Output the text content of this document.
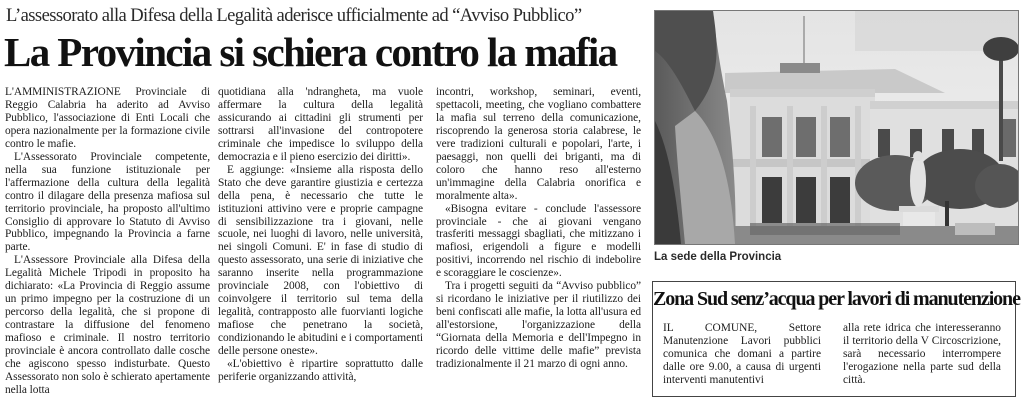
L’assessorato alla Difesa della Legalità aderisce ufficialmente ad “Avviso Pubblico”
La Provincia si schiera contro la mafia

L'AMMINISTRAZIONE Provinciale di Reggio Calabria ha aderito ad Avviso Pubblico, l'associazione di Enti Locali che opera nazionalmente per la formazione civile contro le mafie.

L'Assessorato Provinciale competente, nella sua funzione istituzionale per l'affermazione della cultura della legalità contro il dilagare della presenza mafiosa sul territorio provinciale, ha proposto all'ultimo Consiglio di approvare lo Statuto di Avviso Pubblico, impegnando la Provincia a farne parte.

L'Assessore Provinciale alla Difesa della Legalità Michele Tripodi in proposito ha dichiarato: «La Provincia di Reggio assume un primo impegno per la costruzione di un percorso della legalità, che si propone di contrastare la diffusione del fenomeno mafioso e criminale. Il nostro territorio provinciale è ancora controllato dalle cosche che agiscono spesso indisturbate. Questo Assessorato non solo è schierato apertamente nella lotta

quotidiana alla 'ndrangheta, ma vuole affermare la cultura della legalità assicurando ai cittadini gli strumenti per sottrarsi all'invasione del contropotere criminale che impedisce lo sviluppo della democrazia e il pieno esercizio dei diritti».

E aggiunge: «Insieme alla risposta dello Stato che deve garantire giustizia e certezza della pena, è necessario che tutte le istituzioni attivino vere e proprie campagne di sensibilizzazione tra i giovani, nelle scuole, nei luoghi di lavoro, nelle università, nei singoli Comuni. E' in fase di studio di questo assessorato, una serie di iniziative che saranno inserite nella programmazione provinciale 2008, con l'obiettivo di coinvolgere il territorio sul tema della legalità, contrapposto alle fuorvianti logiche mafiose che penetrano la società, condizionando le abitudini e i comportamenti delle persone oneste».

«L'obiettivo è ripartire soprattutto dalle periferie organizzando attività,

incontri, workshop, seminari, eventi, spettacoli, meeting, che vogliano combattere la mafia sul terreno della comunicazione, riscoprendo la generosa storia calabrese, le vere tradizioni culturali e popolari, l'arte, i paesaggi, non quelli dei briganti, ma di coloro che hanno reso all'esterno un'immagine della Calabria onorifica e moralmente alta».

«Bisogna evitare - conclude l'assessore provinciale - che ai giovani vengano trasferiti messaggi sbagliati, che mitizzano i mafiosi, erigendoli a figure e modelli positivi, incorrendo nel rischio di indebolire e scoraggiare le coscienze».

Tra i progetti seguiti da “Avviso pubblico” si ricordano le iniziative per il riutilizzo dei beni confiscati alle mafie, la lotta all'usura ed all'estorsione, l'organizzazione della “Giornata della Memoria e dell'Impegno in ricordo delle vittime delle mafie” prevista tradizionalmente il 21 marzo di ogni anno.

La sede della Provincia
Zona Sud senz’acqua per lavori di manutenzione
IL COMUNE, Settore Manutenzione Lavori pubblici comunica che domani a partire dalle ore 9.00, a causa di urgenti interventi manutentivi
alla rete idrica che interesseranno il territorio della V Circoscrizione, sarà necessario interrompere l'erogazione nella parte sud della città.
